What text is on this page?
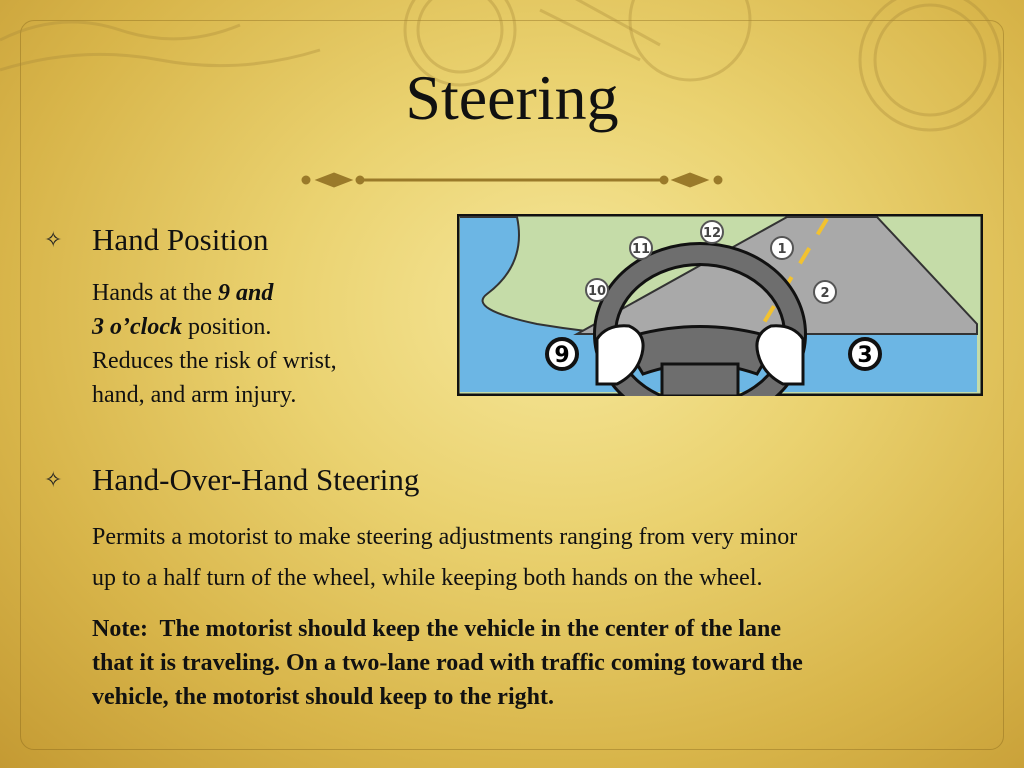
Steering
✧ Hand Position
Hands at the 9 and
3 o’clock position.
Reduces the risk of wrist,
hand, and arm injury.
9
10
11
12
1
2
3
✧ Hand-Over-Hand Steering
Permits a motorist to make steering adjustments ranging from very minor
up to a half turn of the wheel, while keeping both hands on the wheel.
Note:  The motorist should keep the vehicle in the center of the lane
that it is traveling. On a two-lane road with traffic coming toward the
vehicle, the motorist should keep to the right.
